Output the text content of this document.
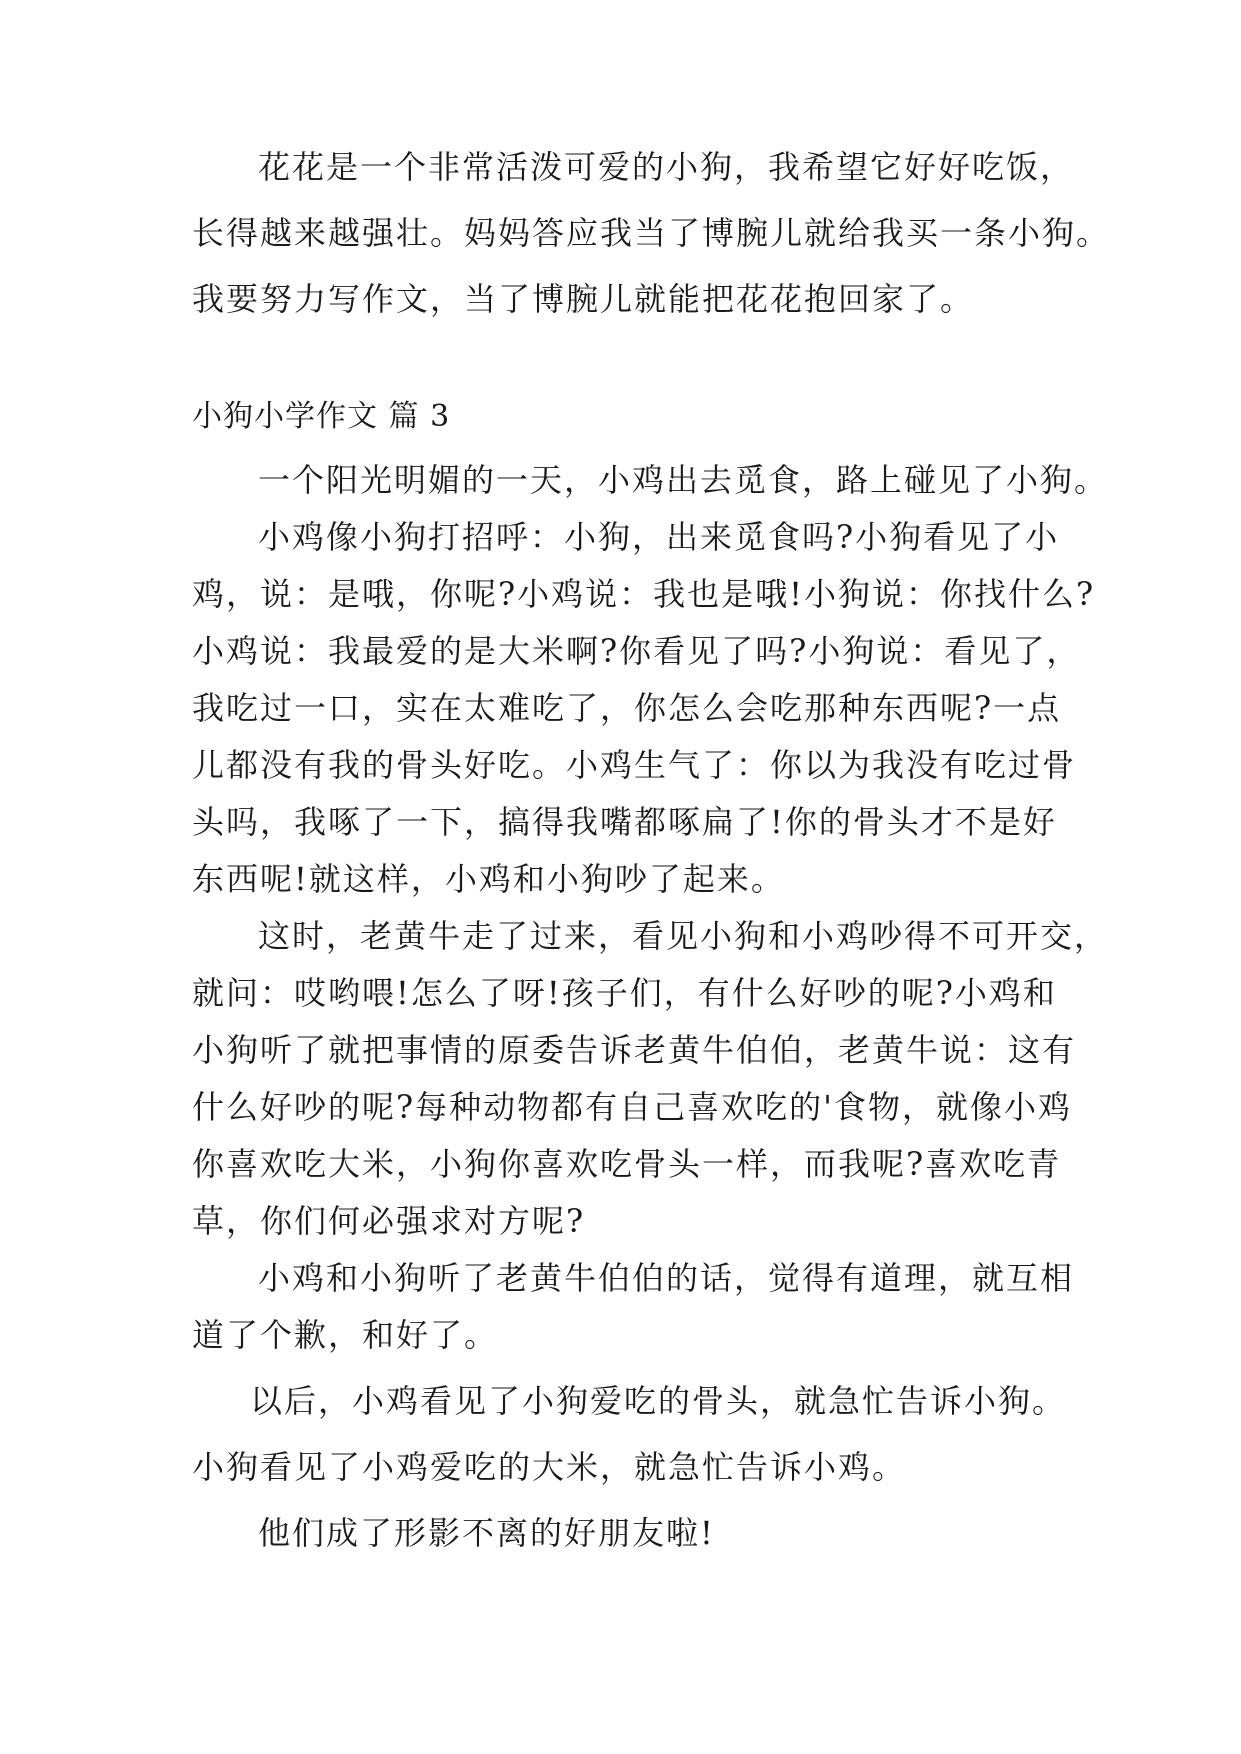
花花是一个非常活泼可爱的小狗，我希望它好好吃饭，
长得越来越强壮。妈妈答应我当了博腕儿就给我买一条小狗。
我要努力写作文，当了博腕儿就能把花花抱回家了。
小狗小学作文 篇 3
一个阳光明媚的一天，小鸡出去觅食，路上碰见了小狗。
小鸡像小狗打招呼：小狗，出来觅食吗?小狗看见了小
鸡，说：是哦，你呢?小鸡说：我也是哦!小狗说：你找什么?
小鸡说：我最爱的是大米啊?你看见了吗?小狗说：看见了，
我吃过一口，实在太难吃了，你怎么会吃那种东西呢?一点
儿都没有我的骨头好吃。小鸡生气了：你以为我没有吃过骨
头吗，我啄了一下，搞得我嘴都啄扁了!你的骨头才不是好
东西呢!就这样，小鸡和小狗吵了起来。
这时，老黄牛走了过来，看见小狗和小鸡吵得不可开交，
就问：哎哟喂!怎么了呀!孩子们，有什么好吵的呢?小鸡和
小狗听了就把事情的原委告诉老黄牛伯伯，老黄牛说：这有
什么好吵的呢?每种动物都有自己喜欢吃的'食物，就像小鸡
你喜欢吃大米，小狗你喜欢吃骨头一样，而我呢?喜欢吃青
草，你们何必强求对方呢?
小鸡和小狗听了老黄牛伯伯的话，觉得有道理，就互相
道了个歉，和好了。
以后，小鸡看见了小狗爱吃的骨头，就急忙告诉小狗。
小狗看见了小鸡爱吃的大米，就急忙告诉小鸡。
他们成了形影不离的好朋友啦!
